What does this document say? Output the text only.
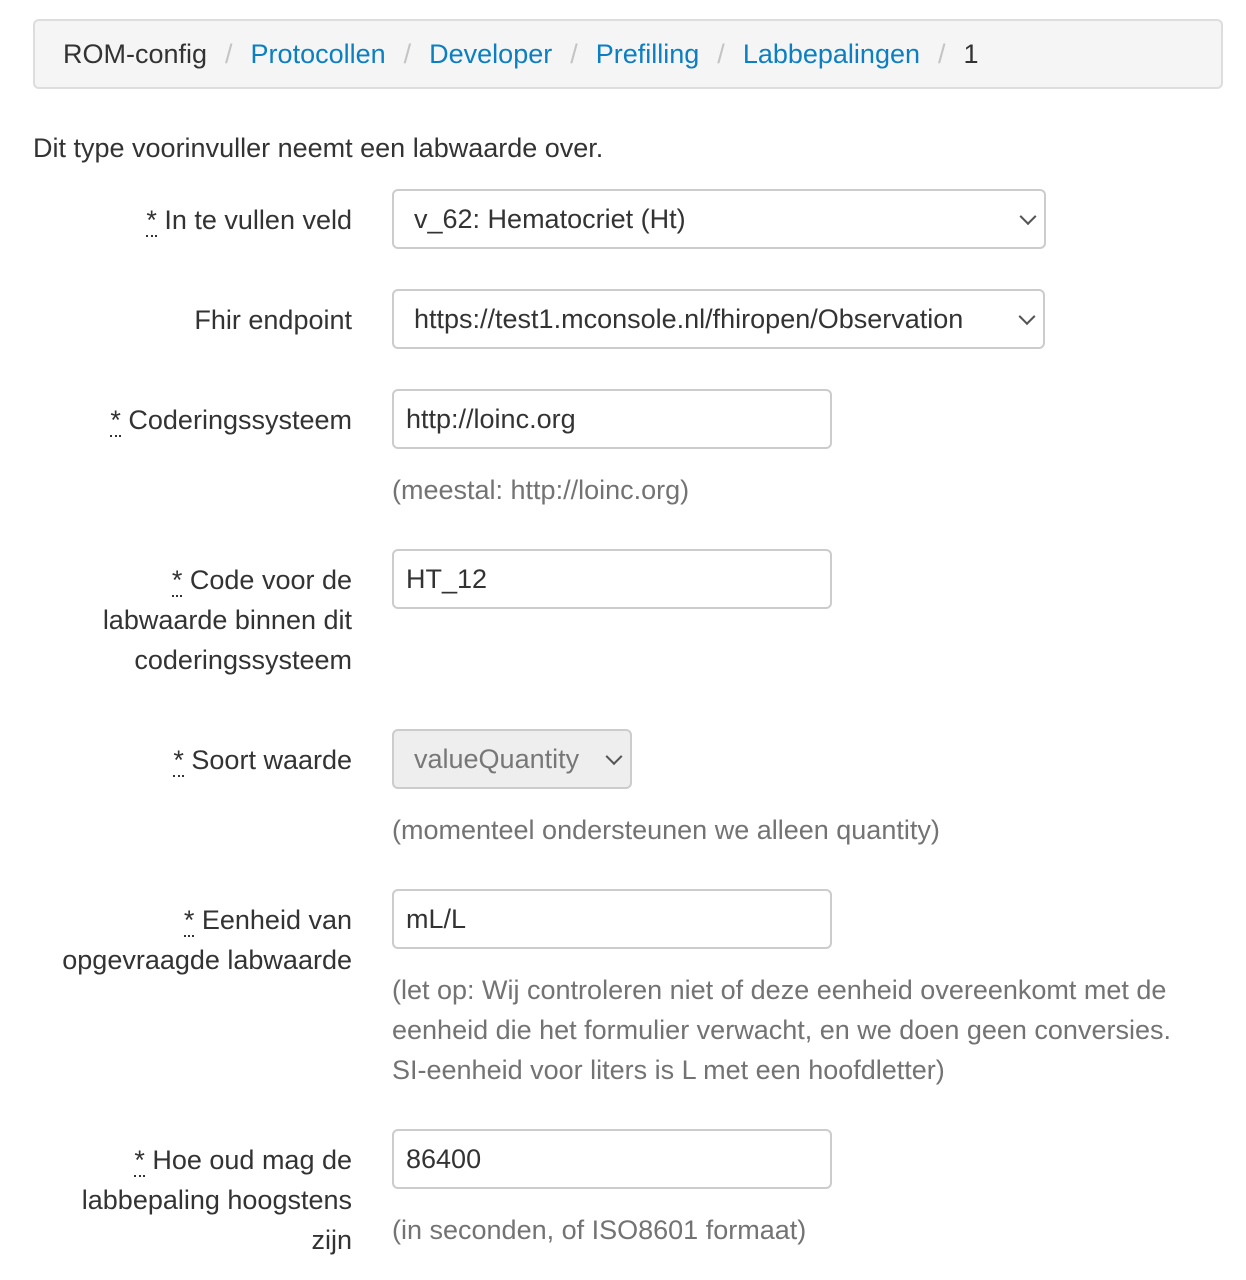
ROM-config / Protocollen / Developer / Prefilling / Labbepalingen / 1
Dit type voorinvuller neemt een labwaarde over.
* In te vullen veld v_62: Hematocriet (Ht)
Fhir endpoint https://test1.mconsole.nl/fhiropen/Observation
* Coderingssysteem http://loinc.org
(meestal: http://loinc.org)
* Code voor de
labwaarde binnen dit
coderingssysteem
HT_12
* Soort waarde valueQuantity
(momenteel ondersteunen we alleen quantity)
* Eenheid van
opgevraagde labwaarde
mL/L
(let op: Wij controleren niet of deze eenheid overeenkomt met de
eenheid die het formulier verwacht, en we doen geen conversies.
SI-eenheid voor liters is L met een hoofdletter)
* Hoe oud mag de
labbepaling hoogstens
zijn
86400
(in seconden, of ISO8601 formaat)
